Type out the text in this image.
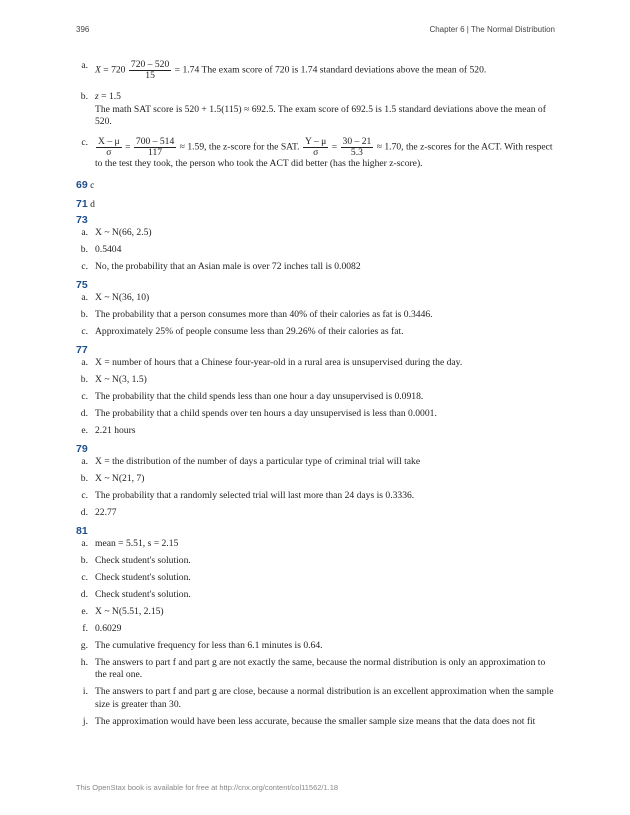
396	Chapter 6 | The Normal Distribution
a. $X = 720 \frac{720 - 520}{15} = 1.74$ The exam score of 720 is 1.74 standard deviations above the mean of 520.
b. z = 1.5
The math SAT score is 520 + 1.5(115) ≈ 692.5. The exam score of 692.5 is 1.5 standard deviations above the mean of 520.
c. $\frac{X - \mu}{\sigma} = \frac{700 - 514}{117} \approx 1.59$, the z-score for the SAT. $\frac{Y - \mu}{\sigma} = \frac{30 - 21}{5.3} \approx 1.70$, the z-scores for the ACT. With respect to the test they took, the person who took the ACT did better (has the higher z-score).
69 c
71 d
73
a. X ~ N(66, 2.5)
b. 0.5404
c. No, the probability that an Asian male is over 72 inches tall is 0.0082
75
a. X ~ N(36, 10)
b. The probability that a person consumes more than 40% of their calories as fat is 0.3446.
c. Approximately 25% of people consume less than 29.26% of their calories as fat.
77
a. X = number of hours that a Chinese four-year-old in a rural area is unsupervised during the day.
b. X ~ N(3, 1.5)
c. The probability that the child spends less than one hour a day unsupervised is 0.0918.
d. The probability that a child spends over ten hours a day unsupervised is less than 0.0001.
e. 2.21 hours
79
a. X = the distribution of the number of days a particular type of criminal trial will take
b. X ~ N(21, 7)
c. The probability that a randomly selected trial will last more than 24 days is 0.3336.
d. 22.77
81
a. mean = 5.51, s = 2.15
b. Check student's solution.
c. Check student's solution.
d. Check student's solution.
e. X ~ N(5.51, 2.15)
f. 0.6029
g. The cumulative frequency for less than 6.1 minutes is 0.64.
h. The answers to part f and part g are not exactly the same, because the normal distribution is only an approximation to the real one.
i. The answers to part f and part g are close, because a normal distribution is an excellent approximation when the sample size is greater than 30.
j. The approximation would have been less accurate, because the smaller sample size means that the data does not fit
This OpenStax book is available for free at http://cnx.org/content/col11562/1.18
